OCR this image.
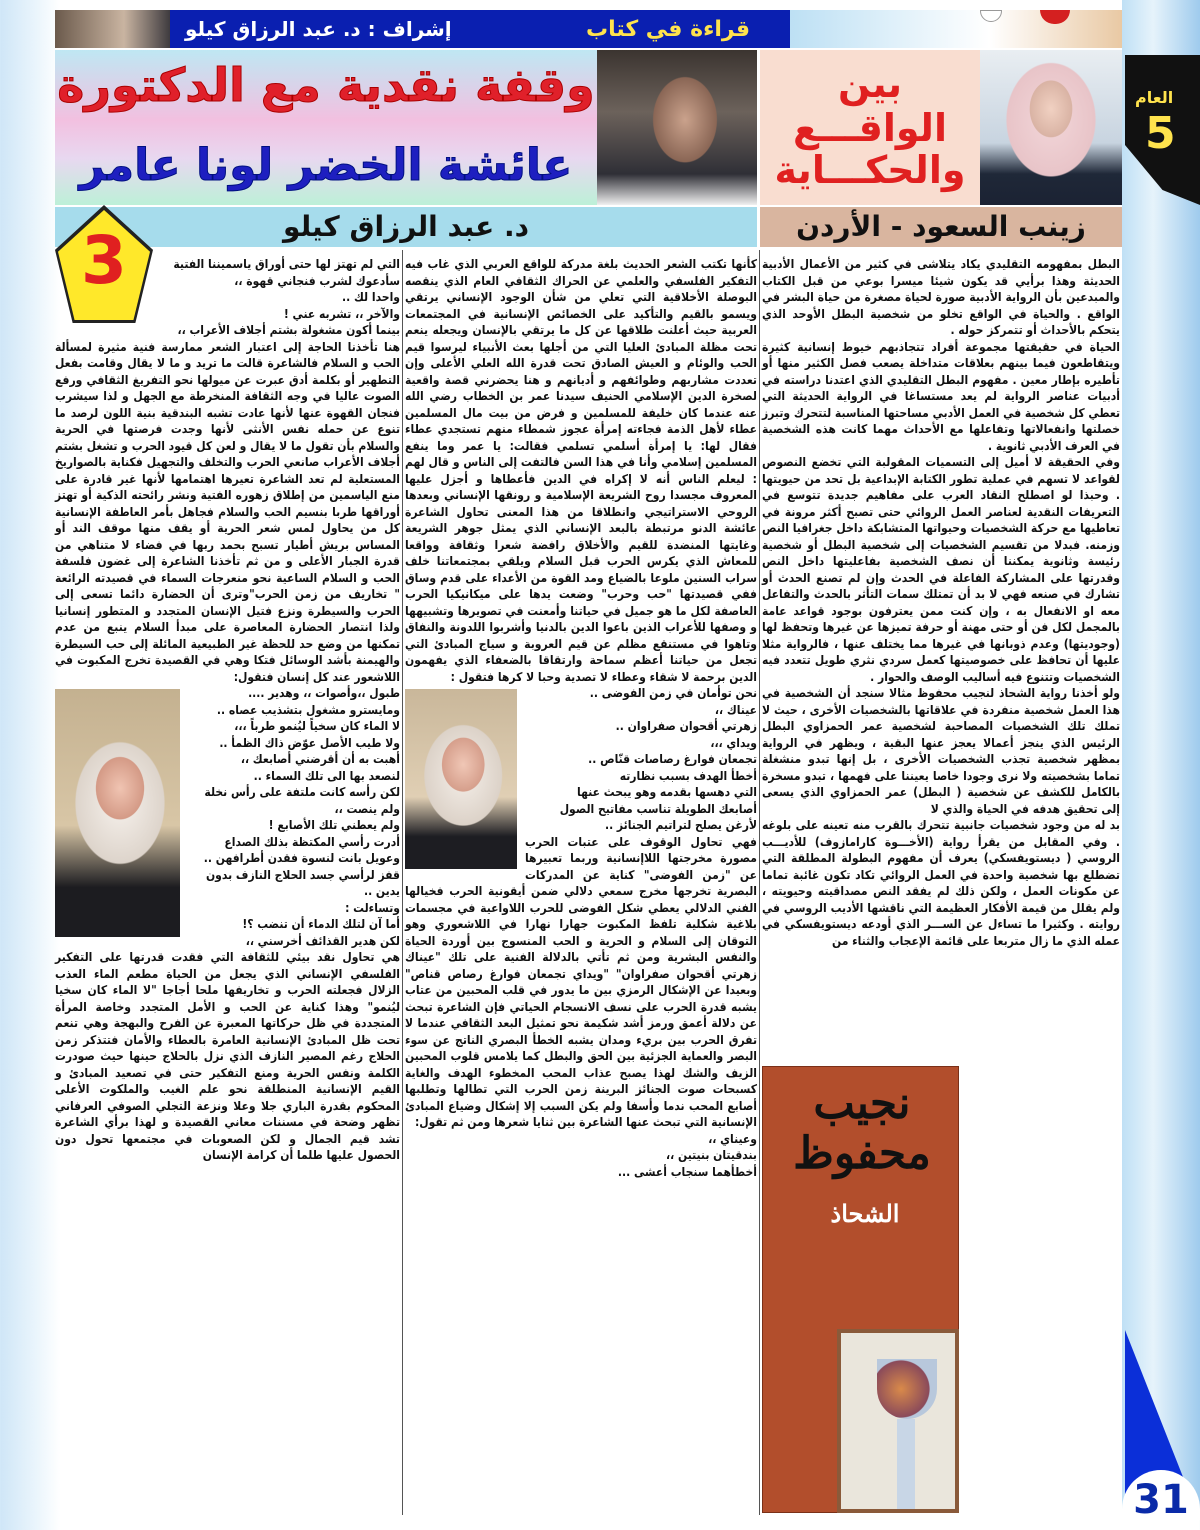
قراءة في كتاب
إشراف : د. عبد الرزاق كيلو
وقفة نقدية مع الدكتورة
عائشة الخضر لونا عامر
بين الواقـــع
والحكـــاية
العام
5
د. عبد الرزاق كيلو	زينب السعود - الأردن
نجيب محفوظ
الشحاذ

البطل بمفهومه التقليدي يكاد يتلاشى في كثير من الأعمال الأدبية الحديثة وهذا برأيي قد يكون شيئا ميسرا بوعي من قبل الكتاب والمبدعين بأن الرواية الأدبية صورة لحياة مصغرة من حياة البشر في الواقع . والحياة في الواقع تخلو من شخصية البطل الأوحد الذي يتحكم بالأحداث أو تتمركز حوله .

الحياة في حقيقتها مجموعة أفراد تتجاذبهم خيوط إنسانية كثيرة ويتقاطعون فيما بينهم بعلاقات متداخلة يصعب فصل الكثير منها أو تأطيره بإطار معين . مفهوم البطل التقليدي الذي اعتدنا دراسته في أدبيات عناصر الرواية لم يعد مستساغا في الرواية الحديثة التي تعطي كل شخصية في العمل الأدبي مساحتها المناسبة لتتحرك وتبرز خصلتها وانفعالاتها وتفاعلها مع الأحداث مهما كانت هذه الشخصية في العرف الأدبي ثانوية .

وفي الحقيقة لا أميل إلى التسميات المقولبة التي تخضع النصوص لقواعد لا تسهم في عملية تطور الكتابة الإبداعية بل تحد من حيويتها . وحبذا لو اصطلح النقاد العرب على مفاهيم جديدة تتوسع في التعريفات النقدية لعناصر العمل الروائي حتى تصبح أكثر مرونة في تعاطيها مع حركة الشخصيات وحيواتها المتشابكة داخل جغرافيا النص وزمنه. فبدلا من تقسيم الشخصيات إلى شخصية البطل أو شخصية رئيسة وثانوية يمكننا أن نصف الشخصية بفاعليتها داخل النص وقدرتها على المشاركة الفاعلة في الحدث وإن لم تصنع الحدث أو تشارك في صنعه فهي لا بد أن تمتلك سمات التأثر بالحدث والتفاعل معه او الانفعال به ، وإن كنت ممن يعترفون بوجود قواعد عامة بالمجمل لكل فن أو حتى مهنة أو حرفة تميزها عن غيرها وتحفظ لها (وجوديتها) وعدم ذوبانها في غيرها مما يختلف عنها ، فالرواية مثلا عليها أن تحافظ على خصوصيتها كعمل سردي نثري طويل تتعدد فيه الشخصيات وتتنوع فيه أساليب الوصف والحوار .

ولو أخذنا رواية الشحاذ لنجيب محفوظ مثالا سنجد أن الشخصية في هذا العمل شخصية منفردة في علاقاتها بالشخصيات الأخرى ، حيث لا تملك تلك الشخصيات المصاحبة لشخصية عمر الحمزاوي البطل الرئيس الذي ينجز أعمالا يعجز عنها البقية ، ويظهر في الرواية بمظهر شخصية تجذب الشخصيات الأخرى ، بل إنها تبدو منشغلة تماما بشخصيته ولا نرى وجودا خاصا يعيننا على فهمها ، تبدو مسخرة بالكامل للكشف عن شخصية ( البطل) عمر الحمزاوي الذي يسعى إلى تحقيق هدفه في الحياة والذي لا

بد له من وجود شخصيات جانبية تتحرك بالقرب منه تعينه على بلوغه . وفي المقابل من يقرأ رواية (الأخـــوة كارامازوف) للأديـــب الروسي ( ديستويفسكي) يعرف أن مفهوم البطولة المطلقة التي تضطلع بها شخصية واحدة في العمل الروائي تكاد تكون غائبة تماما عن مكونات العمل ، ولكن ذلك لم يفقد النص مصداقيته وحيويته ، ولم يقلل من قيمة الأفكار العظيمة التي ناقشها الأديب الروسي في روايته . وكثيرا ما تساءل عن الســـر الذي أودعه ديستويفسكي في عمله الذي ما زال متربعا على قائمة الإعجاب والثناء من

كأنها تكتب الشعر الحديث بلغة مدركة للواقع العربي الذي غاب فيه التفكير الفلسفي والعلمي عن الحراك الثقافي العام الذي ينقصه البوصلة الأخلاقية التي تعلي من شأن الوجود الإنساني يرتقي ويسمو بالقيم والتأكيد على الخصائص الإنسانية في المجتمعات العربية حيث أعلنت طلاقها عن كل ما يرتقي بالإنسان ويجعله ينعم تحت مظلة المبادئ العليا التي من أجلها بعث الأنبياء ليرسوا قيم الحب والوئام و العيش الصادق تحت قدرة الله العلي الأعلى وإن تعددت مشاربهم وطوائفهم و أديانهم و هنا يحضرني قصة واقعية لصخرة الدين الإسلامي الحنيف سيدنا عمر بن الخطاب رضي الله عنه عندما كان خليفة للمسلمين و فرض من بيت مال المسلمين عطاء لأهل الذمة فجاءته إمرأة عجوز شمطاء منهم تستجدي عطاء فقال لها: يا إمرأة أسلمي تسلمي فقالت: يا عمر وما ينفع المسلمين إسلامي وأنا في هذا السن فالتفت إلى الناس و قال لهم : ليعلم الناس أنه لا إكراه في الدين فأعطاها و أجزل عليها المعروف مجسدا روح الشريعة الإسلامية و رونقها الإنساني وبعدها الروحي الاستراتيجي وانطلاقا من هذا المعنى تحاول الشاعرة عائشة الدنو مرتبطة بالبعد الإنساني الذي يمثل جوهر الشريعة وغايتها المنضدة للقيم والأخلاق رافضة شعرا وثقافة وواقعا للمعاش الذي يكرس الحرب قبل السلام ويلقي بمجتمعاتنا خلف سراب السنين ملوعا بالضياع ومد القوة من الأعداء على قدم وساق ففي قصيدتها "حب وحرب" وضعت يدها على ميكانيكيا الحرب العاصفة لكل ما هو جميل في حياتنا وأمعنت في تصويرها وتشبيهها و وصفها للأعراب الذين باعوا الدين بالدنيا وأشربوا اللدونة والنفاق وتاهوا في مستنقع مظلم عن قيم العروبة و سياج المبادئ التي تجعل من حياتنا أعظم سماحة وارتقاقا بالضعفاء الذي يفهمون الدين برحمة لا شقاء وعطاء لا تصدية وحبا لا كرها فتقول :

نحن توأمان في زمن الفوضى ..

عيناك ،،

زهرتي أقحوان صفراوان ..

ويداي ،،،

تجمعان فوارغ رصاصات قنّاص ..

أخطأ الهدف بسبب نظارته

التي دهسها بقدمه وهو يبحث عنها

أصابعك الطويلة تناسب مفاتيح الصول

لأرغن يصلح لتراتيم الجنائز ..

فهي تحاول الوقوف على عتبات الحرب مصورة مخرجتها اللاإنسانية وربما تعبيرها عن "زمن الفوضى" كناية عن المدركات البصرية تخرجها مخرج سمعي دلالي ضمن أيقونية الحرب فخيالها الفني الدلالي يعطي شكل الفوضى للحرب اللاواعية في مجسمات بلاغية شكلية تلفظ المكبوت جهارا نهارا في اللاشعوري وهو التوقان إلى السلام و الحرية و الحب المنسوج بين أوردة الحياة والنفس البشرية ومن ثم تأتي بالدلالة الفنية على تلك "عيناك زهرتي أقحوان صفراوان" "ويداي تجمعان فوارغ رصاص قناص" وبعيدا عن الإشكال الرمزي بين ما يدور في قلب المحبين من عتاب يشبه قدرة الحرب على نسف الانسجام الحياتي فإن الشاعرة تبحث عن دلالة أعمق ورمز أشد شكيمة نحو تمثيل البعد الثقافي عندما لا تفرق الحرب بين بريء ومدان يشبه الخطأ البصري الناتج عن سوء البصر والعماية الجزئية بين الحق والبطل كما يلامس قلوب المحبين الزيف والشك لهذا يصبح عذاب المحب المخطوء الهدف والغاية كسبحات صوت الجنائز البرينة زمن الحرب التي تطالها وتطلبها أصابع المحب ندما وأسفا ولم يكن السبب إلا إشكال وضياع المبادئ الإنسانية التي تبحث عنها الشاعرة بين ثنايا شعرها ومن ثم تقول:

وعيناي ،،

بندقيتان بنيتين ،،

أخطأهما سنجاب أعشى ...

التي لم تهتز لها حتى أوراق ياسميننا الفتية

سأدعوك لشرب فنجاني قهوة ،،

واحدا لك ..

والآخر ،، تشربه عني !

بينما أكون مشغولة بشتم أجلاف الأعراب ،،

هنا تأخذنا الحاجة إلى اعتبار الشعر ممارسة فنية مثيرة لمسألة الحب و السلام فالشاعرة قالت ما تريد و ما لا يقال وقامت بفعل التطهير أو بكلمة أدق عبرت عن ميولها نحو التفريغ الثقافي ورفع الصوت عاليا في وجه الثقافة المنخرطة مع الجهل و لذا سيشرب فنجان القهوة عنها لأنها عادت تشبه البندقية بنية اللون لرصد ما تنوع عن حمله نفس الأنثى لأنها وجدت فرصتها في الحرية والسلام بأن تقول ما لا يقال و لعن كل قيود الحرب و تشغل بشتم أجلاف الأعراب صانعي الحرب والتخلف والتجهيل فكناية بالصواريخ المستعلية لم تعد الشاعرة تعيرها اهتمامها لأنها غير قادرة على منع الياسمين من إطلاق زهوره الفتية ونشر رائحته الذكية أو تهتز أوراقها طربا بنسيم الحب والسلام فجاهل بأمر العاطفة الإنسانية كل من يحاول لمس شعر الحرية أو يقف منها موقف الند أو المساس بريش أطيار تسبح بحمد ربها في فضاء لا متناهي من قدرة الجبار الأعلى و من ثم تأخذنا الشاعرة إلى غضون فلسفة الحب و السلام الساعية نحو منعرجات السماء في قصيدته الرائعة " تخاريف من زمن الحرب"وترى أن الحضارة دائما تسعى إلى الحرب والسيطرة ونزع فتيل الإنسان المتجدد و المتطور إنسانيا ولذا انتصار الحضارة المعاصرة على مبدأ السلام ينبع من عدم تمكنها من وضع حد للحظة غير الطبيعية المائلة إلى حب السيطرة والهيمنة بأشد الوسائل فتكا وهي في القصيدة تخرج المكبوت في اللاشعور عند كل إنسان فتقول:

طبول ،،وأصوات ،، وهدير ....

ومايسترو مشغول بتشذيب عصاه ..

لا الماء كان سخياً ليُنمو طرباً ،،،

ولا طيب الأصل عوّض ذاك الظمأ ..

أهبت به أن أقرضني أصابعك ،،

لنصعد بها الى تلك السماء ..

لكن رأسه كانت ملتفة على رأس نخلة

ولم ينصت ،،

ولم يعطني تلك الأصابع !

أدرت رأسي المكتظة بذلك الصداع

وعويل بانت لنسوة فقدن أطرافهن ..

قفز لرأسي جسد الحلاج النازف بدون يدين ..

وتساءلت :

أما آن لتلك الدماء أن تنضب ؟!

لكن هدير القذائف أخرسني ،،

هي تحاول نقد بيئي للثقافة التي فقدت قدرتها على التفكير الفلسفي الإنساني الذي يجعل من الحياة مطعم الماء العذب الزلال فجعلته الحرب و تخاريفها ملحا أجاجا "لا الماء كان سخيا ليُنمو" وهذا كناية عن الحب و الأمل المتجدد وخاصة المرأة المتجددة في ظل حركاتها المعبرة عن الفرح والبهجة وهي تنعم تحت ظل المبادئ الإنسانية العامرة بالعطاء والأمان فتتذكر زمن الحلاج رغم المصير النازف الذي نزل بالحلاج حينها حيث صودرت الكلمة ونفس الحرية ومنع التفكير حتى في تصعيد المبادئ و القيم الإنسانية المنطلقة نحو علم الغيب والملكوت الأعلى المحكوم بقدرة الباري جلا وعلا ونزعة التجلي الصوفي العرفاني تظهر وضحة في مسننات معاني القصيدة و لهذا برأي الشاعرة تشد قيم الجمال و لكن الصعوبات في مجتمعها تحول دون الحصول عليها طلما أن كرامة الإنسان

3
31
